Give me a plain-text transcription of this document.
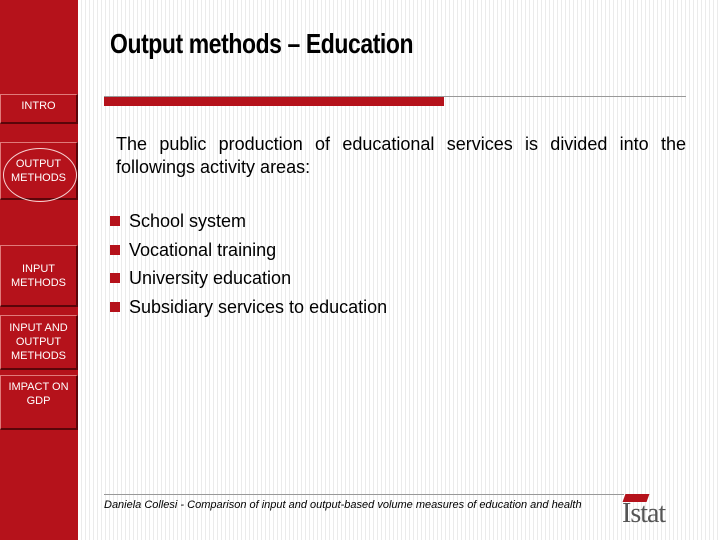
Output methods – Education
INTRO
OUTPUT METHODS
INPUT METHODS
INPUT AND OUTPUT METHODS
IMPACT ON GDP
The public production of educational services is divided into the followings activity areas:
School system
Vocational training
University education
Subsidiary services to education
Daniela Collesi - Comparison of input and output-based volume measures of education and health Istat
